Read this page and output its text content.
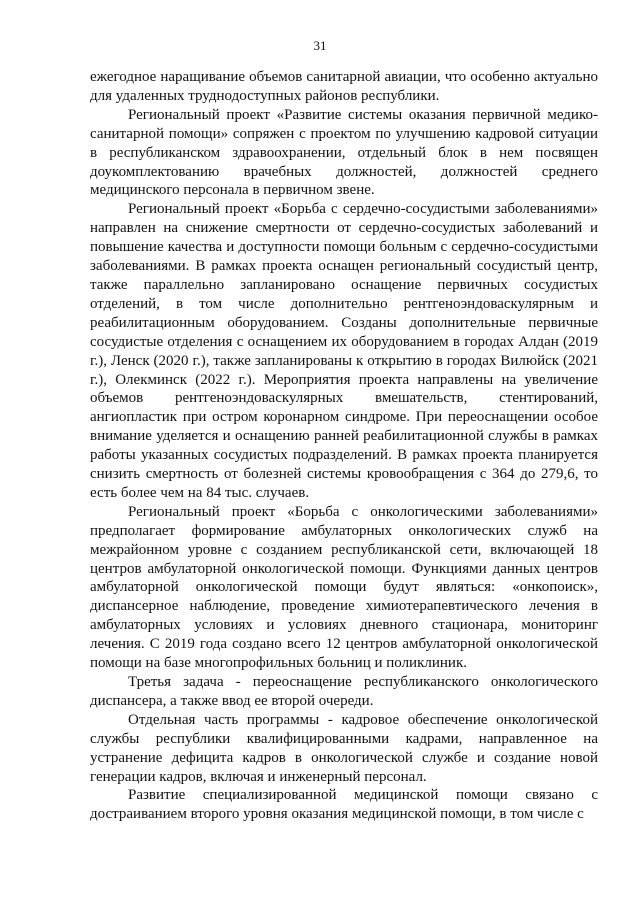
31

ежегодное наращивание объемов санитарной авиации, что особенно актуально для удаленных труднодоступных районов республики.

Региональный проект «Развитие системы оказания первичной медико-санитарной помощи» сопряжен с проектом по улучшению кадровой ситуации в республиканском здравоохранении, отдельный блок в нем посвящен доукомплектованию врачебных должностей, должностей среднего медицинского персонала в первичном звене.

Региональный проект «Борьба с сердечно-сосудистыми заболеваниями» направлен на снижение смертности от сердечно-сосудистых заболеваний и повышение качества и доступности помощи больным с сердечно-сосудистыми заболеваниями. В рамках проекта оснащен региональный сосудистый центр, также параллельно запланировано оснащение первичных сосудистых отделений, в том числе дополнительно рентгеноэндоваскулярным и реабилитационным оборудованием. Созданы дополнительные первичные сосудистые отделения с оснащением их оборудованием в городах Алдан (2019 г.), Ленск (2020 г.), также запланированы к открытию в городах Вилюйск (2021 г.), Олекминск (2022 г.). Мероприятия проекта направлены на увеличение объемов рентгеноэндоваскулярных вмешательств, стентирований, ангиопластик при остром коронарном синдроме. При переоснащении особое внимание уделяется и оснащению ранней реабилитационной службы в рамках работы указанных сосудистых подразделений. В рамках проекта планируется снизить смертность от болезней системы кровообращения с 364 до 279,6, то есть более чем на 84 тыс. случаев.

Региональный проект «Борьба с онкологическими заболеваниями» предполагает формирование амбулаторных онкологических служб на межрайонном уровне с созданием республиканской сети, включающей 18 центров амбулаторной онкологической помощи. Функциями данных центров амбулаторной онкологической помощи будут являться: «онкопоиск», диспансерное наблюдение, проведение химиотерапевтического лечения в амбулаторных условиях и условиях дневного стационара, мониторинг лечения. С 2019 года создано всего 12 центров амбулаторной онкологической помощи на базе многопрофильных больниц и поликлиник.

Третья задача - переоснащение республиканского онкологического диспансера, а также ввод ее второй очереди.

Отдельная часть программы - кадровое обеспечение онкологической службы республики квалифицированными кадрами, направленное на устранение дефицита кадров в онкологической службе и создание новой генерации кадров, включая и инженерный персонал.

Развитие специализированной медицинской помощи связано с достраиванием второго уровня оказания медицинской помощи, в том числе с
